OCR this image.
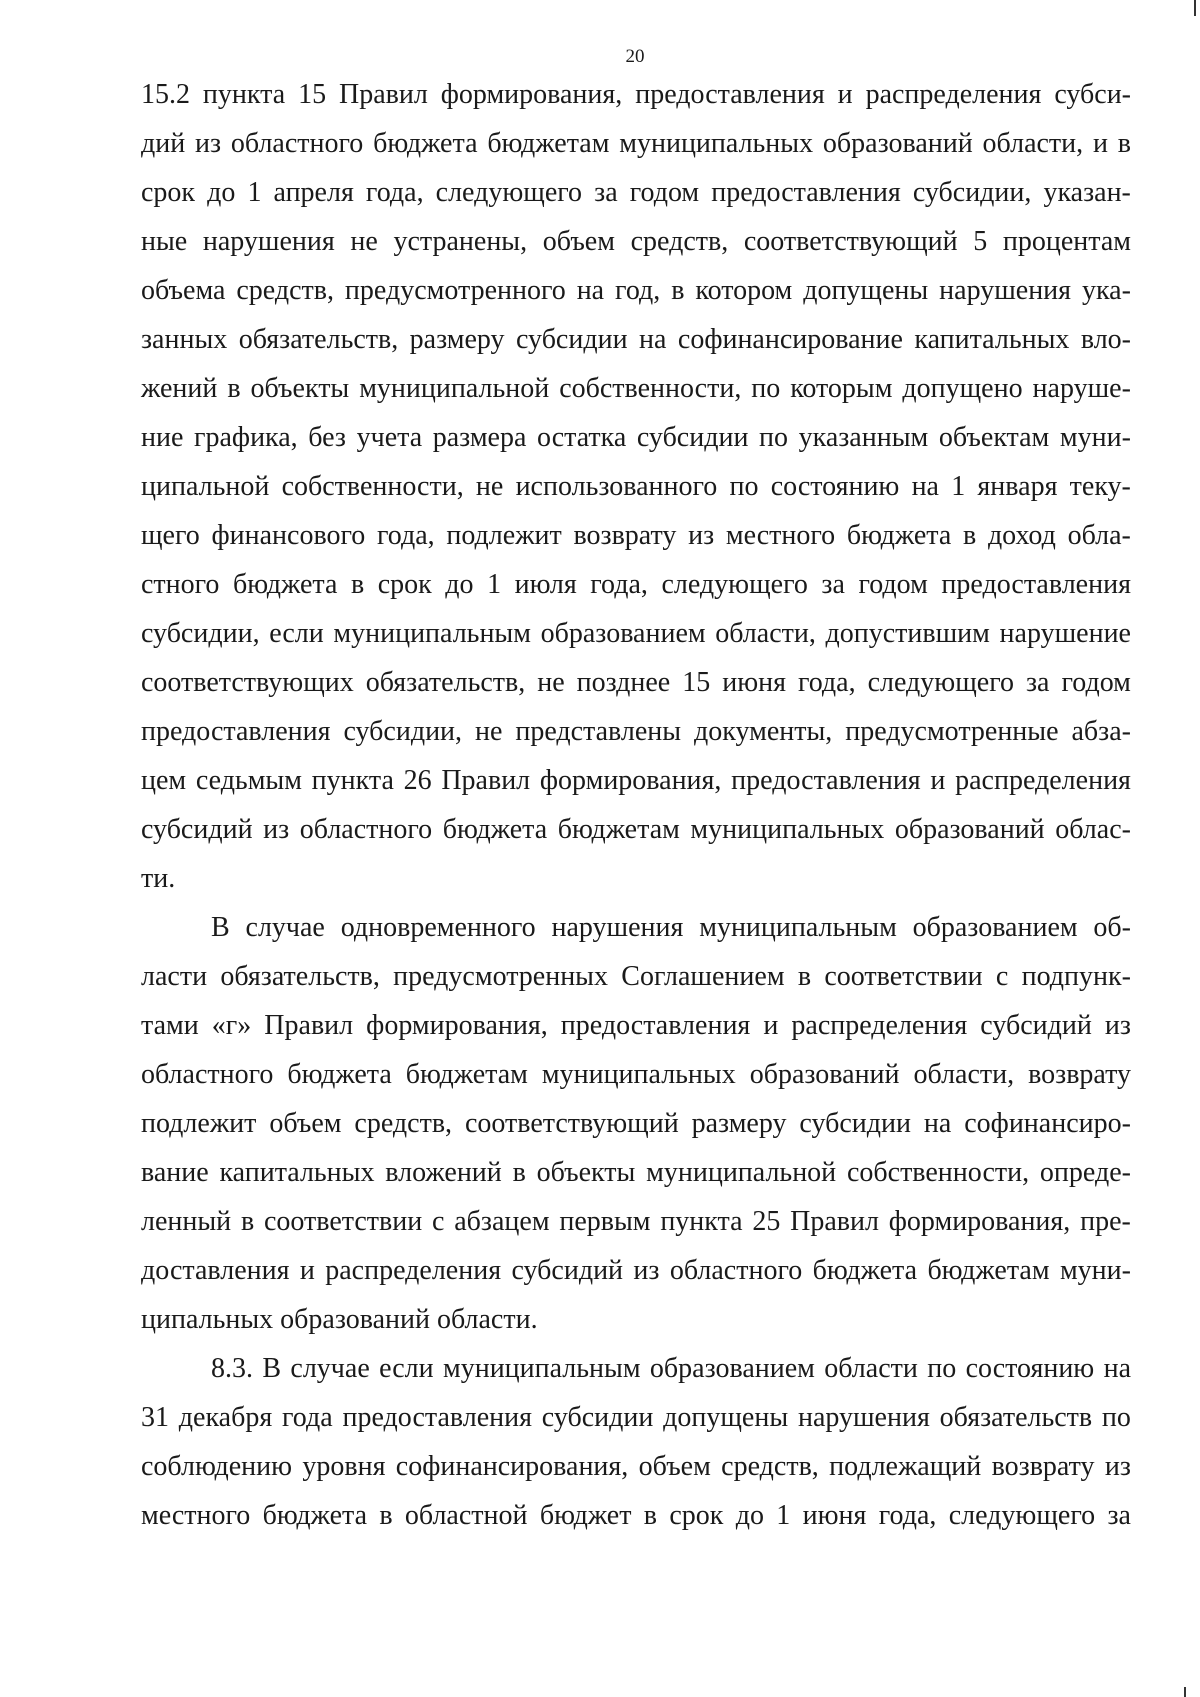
20
15.2 пункта 15 Правил формирования, предоставления и распределения субси-
дий из областного бюджета бюджетам муниципальных образований области, и в
срок до 1 апреля года, следующего за годом предоставления субсидии, указан-
ные нарушения не устранены, объем средств, соответствующий 5 процентам
объема средств, предусмотренного на год, в котором допущены нарушения ука-
занных обязательств, размеру субсидии на софинансирование капитальных вло-
жений в объекты муниципальной собственности, по которым допущено наруше-
ние графика, без учета размера остатка субсидии по указанным объектам муни-
ципальной собственности, не использованного по состоянию на 1 января теку-
щего финансового года, подлежит возврату из местного бюджета в доход обла-
стного бюджета в срок до 1 июля года, следующего за годом предоставления
субсидии, если муниципальным образованием области, допустившим нарушение
соответствующих обязательств, не позднее 15 июня года, следующего за годом
предоставления субсидии, не представлены документы, предусмотренные абза-
цем седьмым пункта 26 Правил формирования, предоставления и распределения
субсидий из областного бюджета бюджетам муниципальных образований облас-
ти.
В случае одновременного нарушения муниципальным образованием об-
ласти обязательств, предусмотренных Соглашением в соответствии с подпунк-
тами «г» Правил формирования, предоставления и распределения субсидий из
областного бюджета бюджетам муниципальных образований области, возврату
подлежит объем средств, соответствующий размеру субсидии на софинансиро-
вание капитальных вложений в объекты муниципальной собственности, опреде-
ленный в соответствии с абзацем первым пункта 25 Правил формирования, пре-
доставления и распределения субсидий из областного бюджета бюджетам муни-
ципальных образований области.
8.3. В случае если муниципальным образованием области по состоянию на
31 декабря года предоставления субсидии допущены нарушения обязательств по
соблюдению уровня софинансирования, объем средств, подлежащий возврату из
местного бюджета в областной бюджет в срок до 1 июня года, следующего за
